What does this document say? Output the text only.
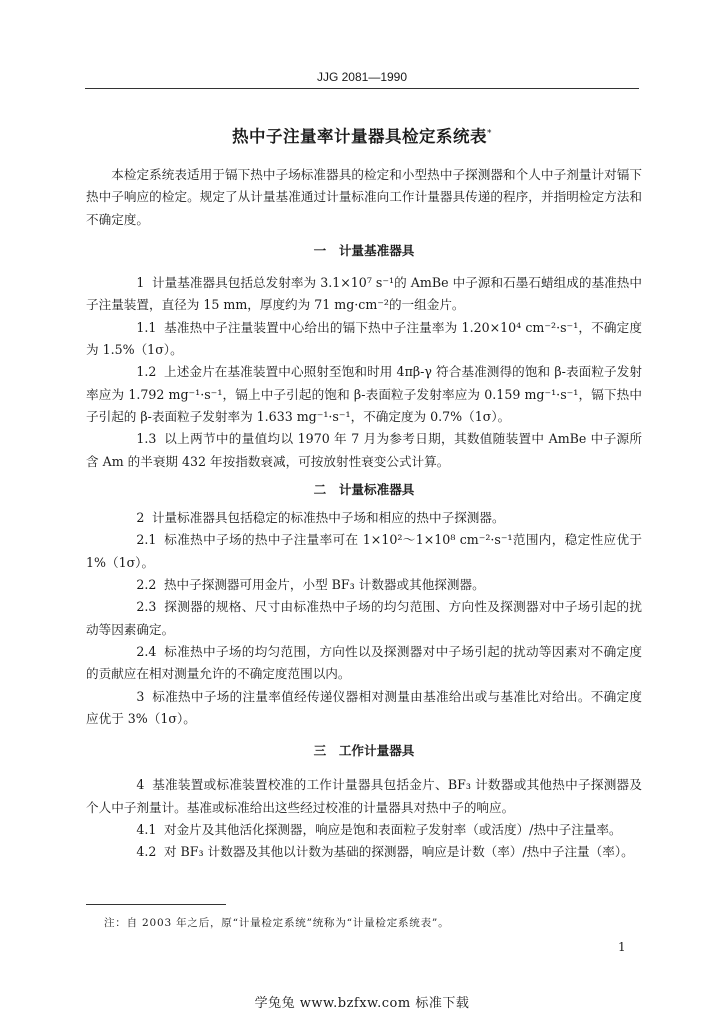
JJG 2081—1990
热中子注量率计量器具检定系统表*

本检定系统表适用于镉下热中子场标准器具的检定和小型热中子探测器和个人中子剂量计对镉下热中子响应的检定。规定了从计量基准通过计量标准向工作计量器具传递的程序，并指明检定方法和不确定度。

一　计量基准器具

1 计量基准器具包括总发射率为 3.1×10⁷ s⁻¹的 AmBe 中子源和石墨石蜡组成的基准热中子注量装置，直径为 15 mm，厚度约为 71 mg·cm⁻²的一组金片。

1.1 基准热中子注量装置中心给出的镉下热中子注量率为 1.20×10⁴ cm⁻²·s⁻¹，不确定度为 1.5%（1σ）。

1.2 上述金片在基准装置中心照射至饱和时用 4πβ-γ 符合基准测得的饱和 β-表面粒子发射率应为 1.792 mg⁻¹·s⁻¹，镉上中子引起的饱和 β-表面粒子发射率应为 0.159 mg⁻¹·s⁻¹，镉下热中子引起的 β-表面粒子发射率为 1.633 mg⁻¹·s⁻¹，不确定度为 0.7%（1σ）。

1.3 以上两节中的量值均以 1970 年 7 月为参考日期，其数值随装置中 AmBe 中子源所含 Am 的半衰期 432 年按指数衰减，可按放射性衰变公式计算。

二　计量标准器具

2 计量标准器具包括稳定的标准热中子场和相应的热中子探测器。

2.1 标准热中子场的热中子注量率可在 1×10²～1×10⁸ cm⁻²·s⁻¹范围内，稳定性应优于 1%（1σ）。

2.2 热中子探测器可用金片，小型 BF₃ 计数器或其他探测器。

2.3 探测器的规格、尺寸由标准热中子场的均匀范围、方向性及探测器对中子场引起的扰动等因素确定。

2.4 标准热中子场的均匀范围，方向性以及探测器对中子场引起的扰动等因素对不确定度的贡献应在相对测量允许的不确定度范围以内。

3 标准热中子场的注量率值经传递仪器相对测量由基准给出或与基准比对给出。不确定度应优于 3%（1σ）。

三　工作计量器具

4 基准装置或标准装置校准的工作计量器具包括金片、BF₃ 计数器或其他热中子探测器及个人中子剂量计。基准或标准给出这些经过校准的计量器具对热中子的响应。

4.1 对金片及其他活化探测器，响应是饱和表面粒子发射率（或活度）/热中子注量率。

4.2 对 BF₃ 计数器及其他以计数为基础的探测器，响应是计数（率）/热中子注量（率）。

注：自 2003 年之后，原“计量检定系统”统称为“计量检定系统表”。
1
学兔兔 www.bzfxw.com 标准下载
